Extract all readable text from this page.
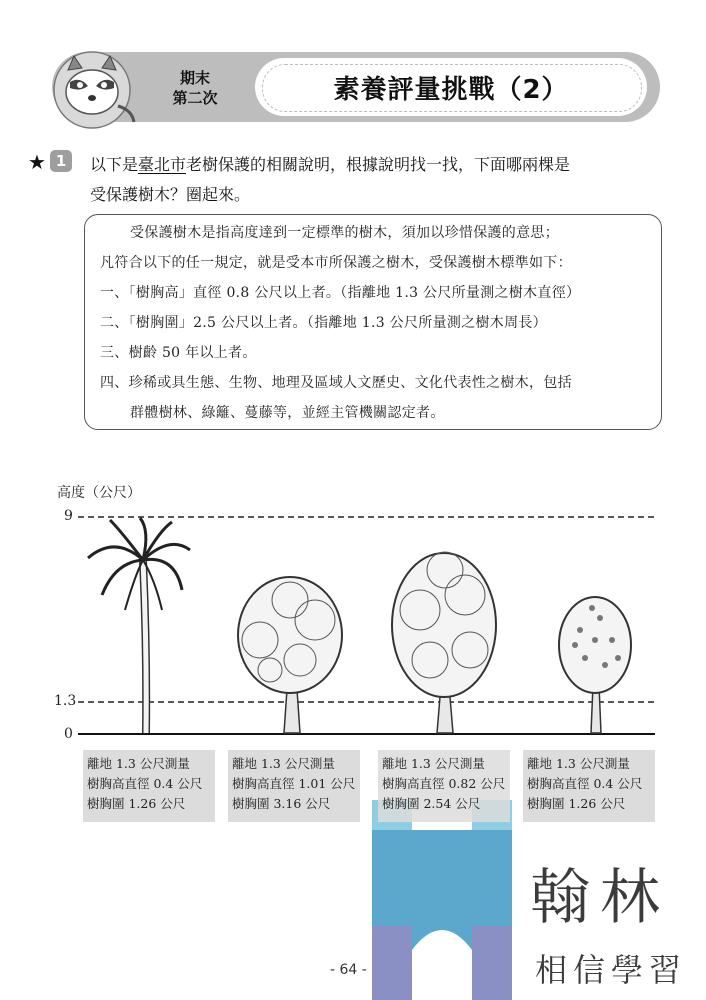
素養評量挑戰（2）
期末
第二次
★ 1	以下是臺北市老樹保護的相關說明，根據說明找一找，下面哪兩棵是
受保護樹木？圈起來。
受保護樹木是指高度達到一定標準的樹木，須加以珍惜保護的意思；
凡符合以下的任一規定，就是受本市所保護之樹木，受保護樹木標準如下：
一、「樹胸高」直徑 0.8 公尺以上者。（指離地 1.3 公尺所量測之樹木直徑）
二、「樹胸圍」2.5 公尺以上者。（指離地 1.3 公尺所量測之樹木周長）
三、樹齡 50 年以上者。
四、珍稀或具生態、生物、地理及區域人文歷史、文化代表性之樹木，包括
群體樹林、綠籬、蔓藤等，並經主管機關認定者。
高度（公尺）
9
1.3
0
離地 1.3 公尺測量
樹胸高直徑 0.4 公尺
樹胸圍 1.26 公尺
離地 1.3 公尺測量
樹胸高直徑 1.01 公尺
樹胸圍 3.16 公尺
離地 1.3 公尺測量
樹胸高直徑 0.82 公尺
樹胸圍 2.54 公尺
離地 1.3 公尺測量
樹胸高直徑 0.4 公尺
樹胸圍 1.26 公尺
翰林
相信學習
- 64 -
